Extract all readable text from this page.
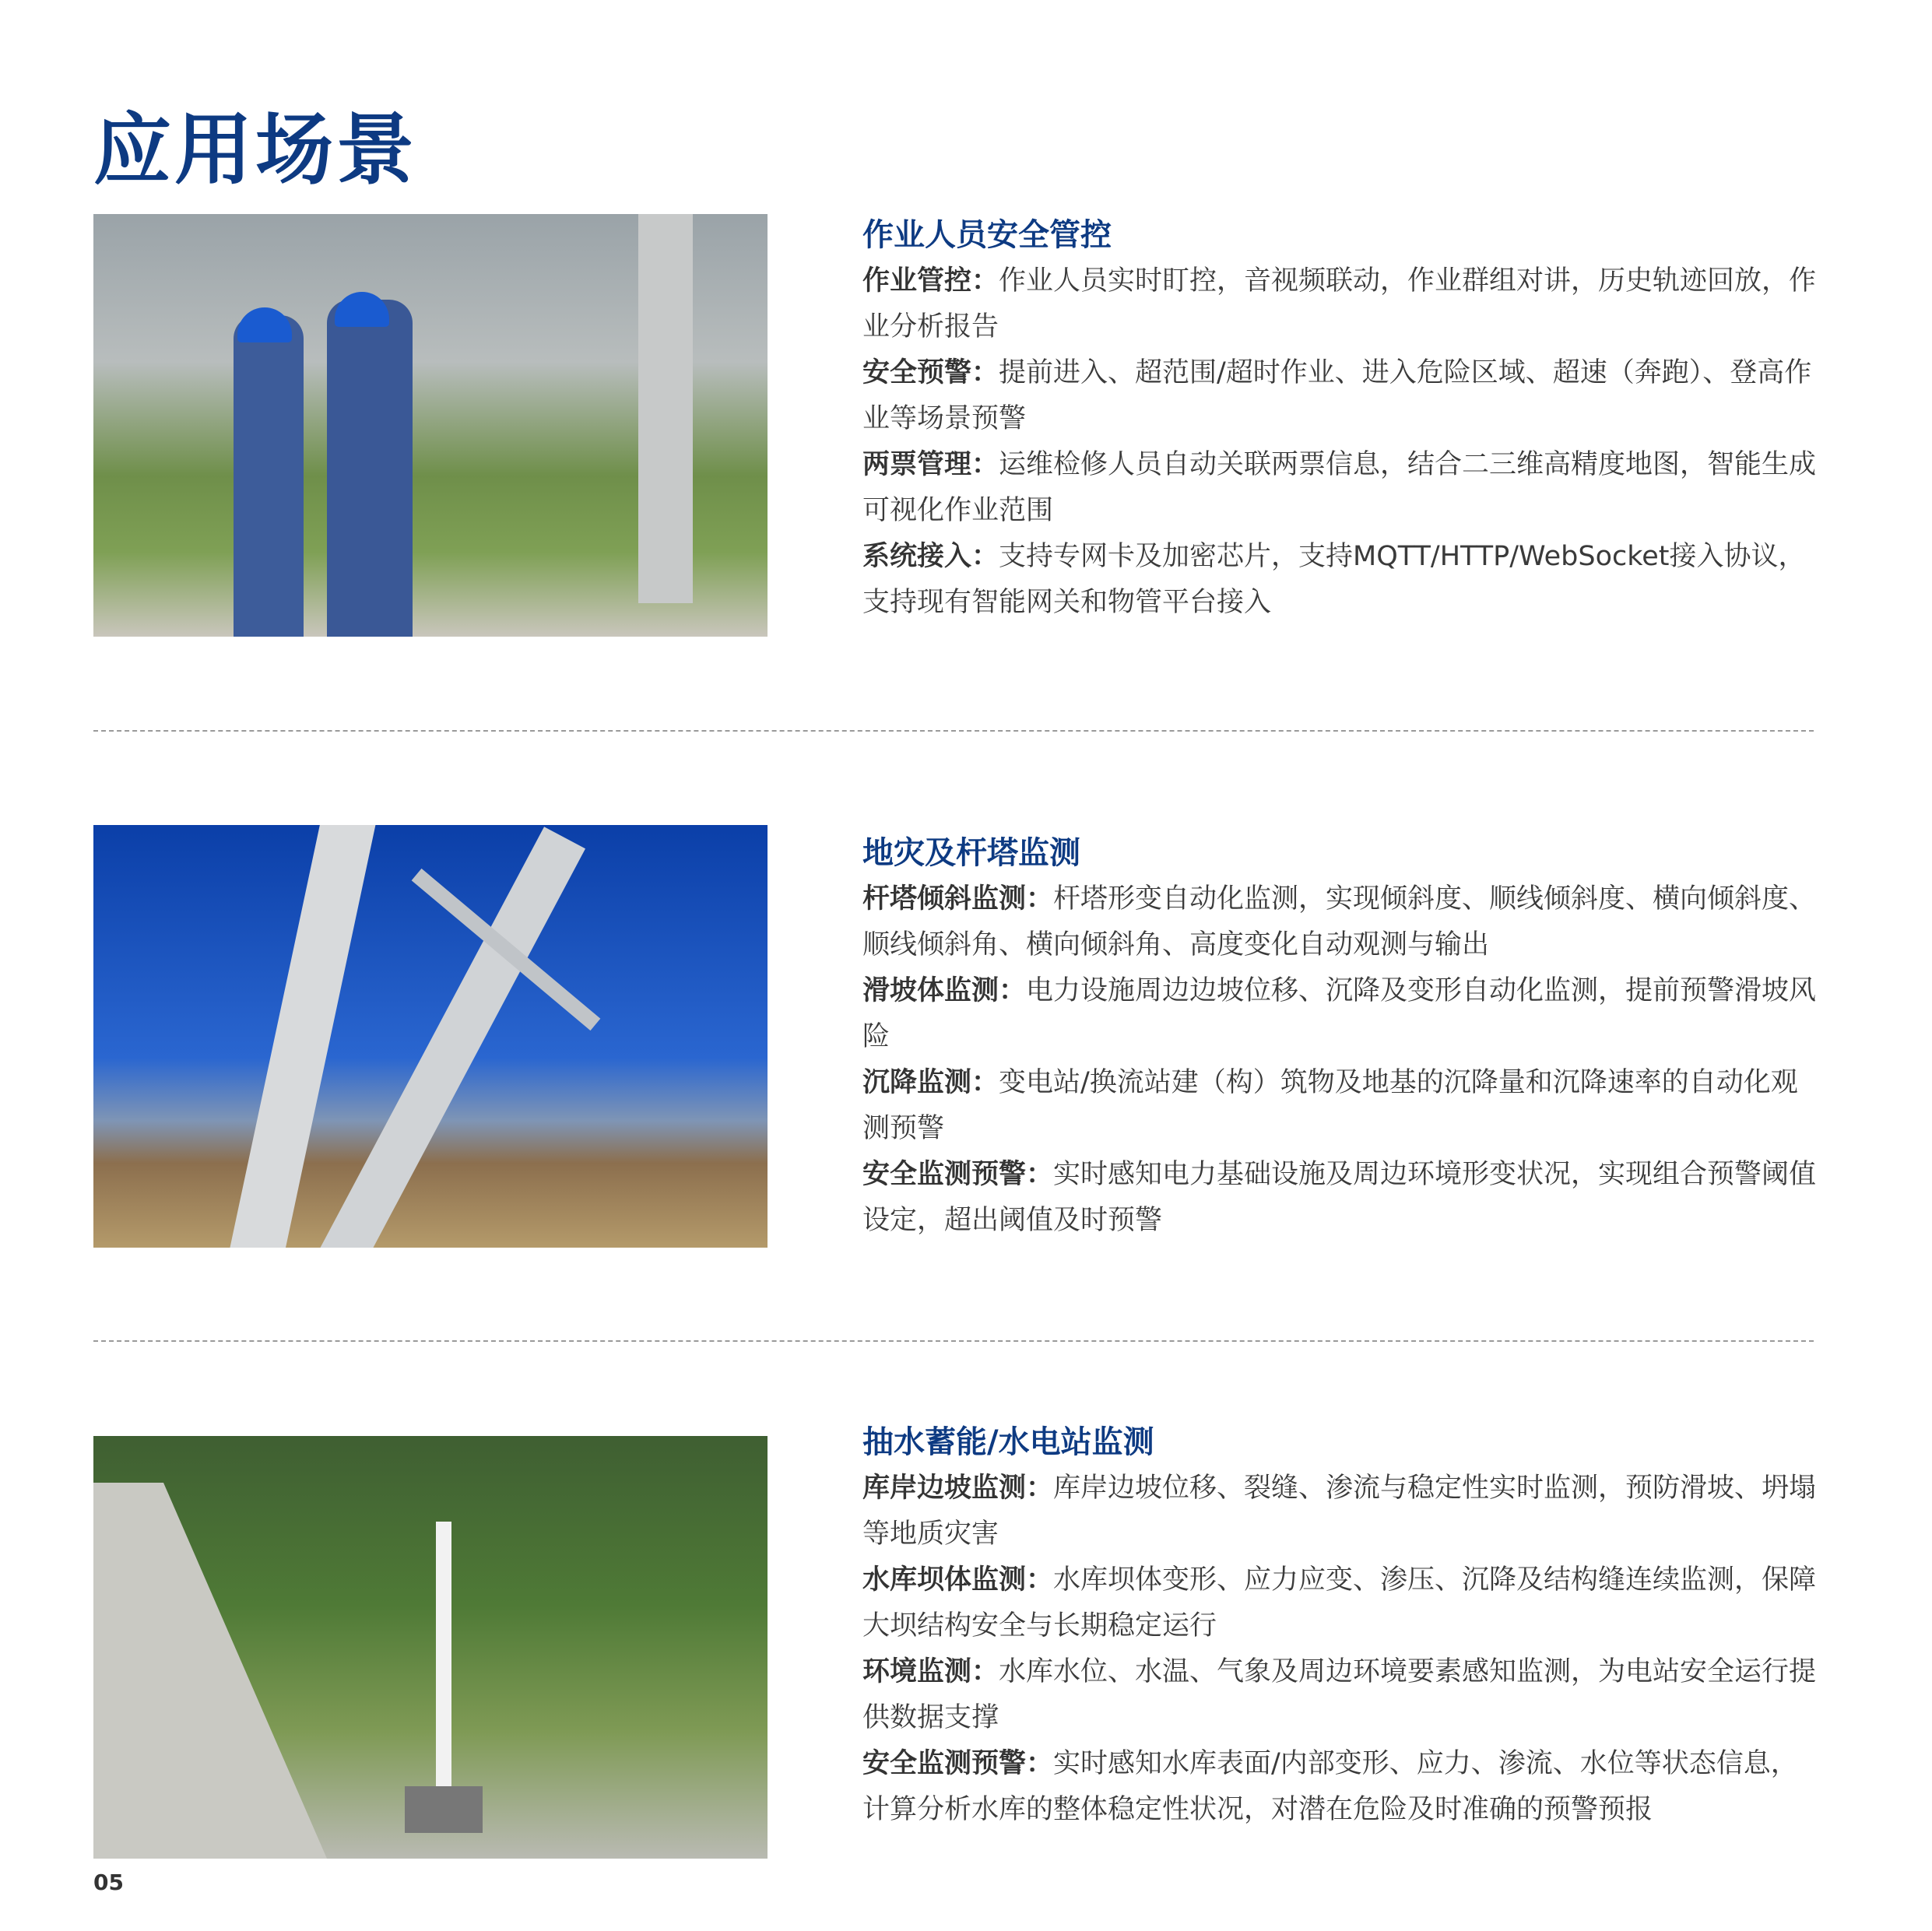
应用场景
作业人员安全管控

作业管控：作业人员实时盯控，音视频联动，作业群组对讲，历史轨迹回放，作业分析报告

安全预警：提前进入、超范围/超时作业、进入危险区域、超速（奔跑）、登高作业等场景预警

两票管理：运维检修人员自动关联两票信息，结合二三维高精度地图，智能生成可视化作业范围

系统接入：支持专网卡及加密芯片，支持MQTT/HTTP/WebSocket接入协议，支持现有智能网关和物管平台接入

地灾及杆塔监测

杆塔倾斜监测：杆塔形变自动化监测，实现倾斜度、顺线倾斜度、横向倾斜度、顺线倾斜角、横向倾斜角、高度变化自动观测与输出

滑坡体监测：电力设施周边边坡位移、沉降及变形自动化监测，提前预警滑坡风险

沉降监测：变电站/换流站建（构）筑物及地基的沉降量和沉降速率的自动化观测预警

安全监测预警：实时感知电力基础设施及周边环境形变状况，实现组合预警阈值设定，超出阈值及时预警

抽水蓄能/水电站监测

库岸边坡监测：库岸边坡位移、裂缝、渗流与稳定性实时监测，预防滑坡、坍塌等地质灾害

水库坝体监测：水库坝体变形、应力应变、渗压、沉降及结构缝连续监测，保障大坝结构安全与长期稳定运行

环境监测：水库水位、水温、气象及周边环境要素感知监测，为电站安全运行提供数据支撑

安全监测预警：实时感知水库表面/内部变形、应力、渗流、水位等状态信息，计算分析水库的整体稳定性状况，对潜在危险及时准确的预警预报

05
